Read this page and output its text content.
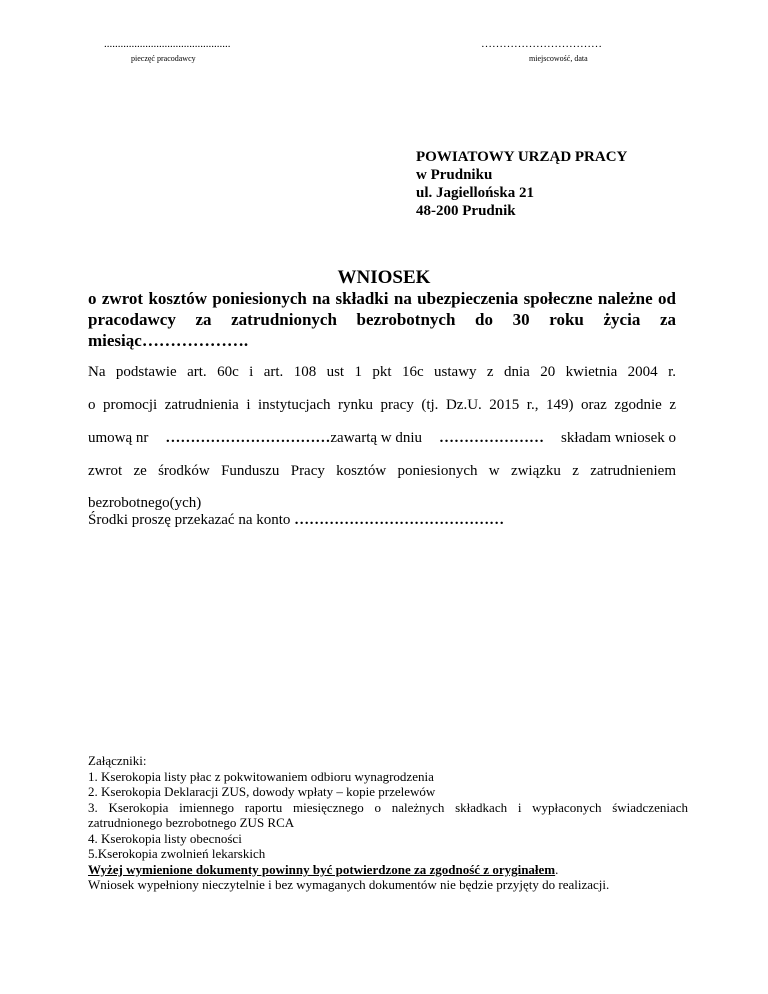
..............................................
pieczęć pracodawcy
……………………………
miejscowość, data
POWIATOWY URZĄD PRACY
w Prudniku
ul. Jagiellońska 21
48-200 Prudnik
WNIOSEK
o zwrot kosztów poniesionych na składki na ubezpieczenia społeczne należne od pracodawcy za zatrudnionych bezrobotnych do 30 roku życia za miesiąc……………….
Na podstawie art. 60c i art. 108 ust 1 pkt 16c ustawy z dnia 20 kwietnia 2004 r.
o promocji zatrudnienia i instytucjach rynku pracy (tj. Dz.U. 2015 r., 149) oraz zgodnie z
umową nr ……………………………zawartą w dniu ………………… składam wniosek o
zwrot ze środków Funduszu Pracy kosztów poniesionych w związku z zatrudnieniem
bezrobotnego(ych)
Środki proszę przekazać na konto ……………………………………
Załączniki:
1. Kserokopia listy płac z pokwitowaniem odbioru wynagrodzenia
2. Kserokopia Deklaracji ZUS, dowody wpłaty – kopie przelewów
3. Kserokopia imiennego raportu miesięcznego o należnych składkach i wypłaconych świadczeniach zatrudnionego bezrobotnego ZUS RCA
4. Kserokopia listy obecności
5.Kserokopia zwolnień lekarskich
Wyżej wymienione dokumenty powinny być potwierdzone za zgodność z oryginałem.
Wniosek wypełniony nieczytelnie i bez wymaganych dokumentów nie będzie przyjęty do realizacji.
